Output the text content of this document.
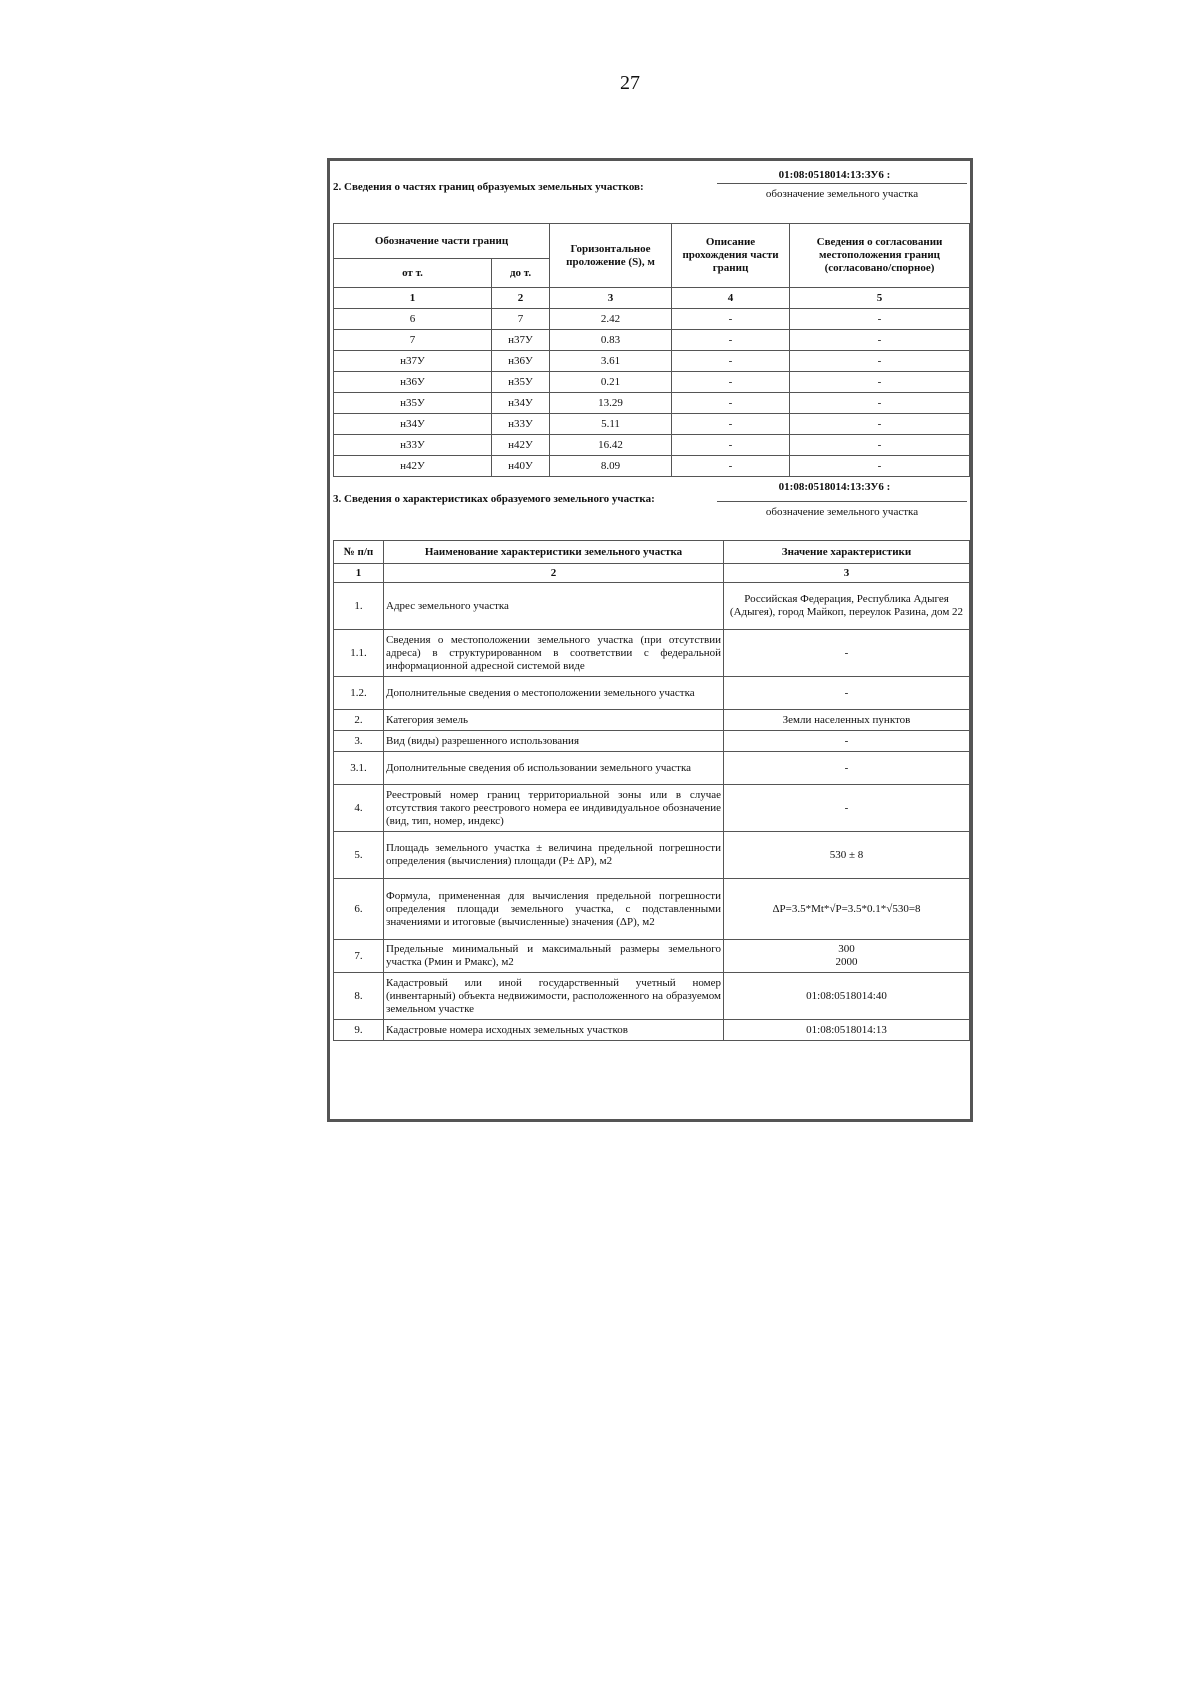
27
2. Сведения о частях границ образуемых земельных участков:
01:08:0518014:13:ЗУ6 :
обозначение земельного участка
Обозначение части границ		Горизонтальное проложение (S), м	Описание прохождения части границ	Сведения о согласовании местоположения границ (согласовано/спорное)
от т.	до т.			
1	2	3	4	5
6	7	2.42	-	-
7	н37У	0.83	-	-
н37У	н36У	3.61	-	-
н36У	н35У	0.21	-	-
н35У	н34У	13.29	-	-
н34У	н33У	5.11	-	-
н33У	н42У	16.42	-	-
н42У	н40У	8.09	-	-
3. Сведения о характеристиках образуемого земельного участка:
01:08:0518014:13:ЗУ6 :
обозначение земельного участка
№ п/п	Наименование характеристики земельного участка	Значение характеристики
1	2	3
1.	Адрес земельного участка	Российская Федерация, Республика Адыгея (Адыгея), город Майкоп, переулок Разина, дом 22
1.1.	Сведения о местоположении земельного участка (при отсутствии адреса) в структурированном в соответствии с федеральной информационной адресной системой виде	-
1.2.	Дополнительные сведения о местоположении земельного участка	-
2.	Категория земель	Земли населенных пунктов
3.	Вид (виды) разрешенного использования	-
3.1.	Дополнительные сведения об использовании земельного участка	-
4.	Реестровый номер границ территориальной зоны или в случае отсутствия такого реестрового номера ее индивидуальное обозначение (вид, тип, номер, индекс)	-
5.	Площадь земельного участка ± величина предельной погрешности определения (вычисления) площади (P± ΔP), м2	530 ± 8
6.	Формула, примененная для вычисления предельной погрешности определения площади земельного участка, с подставленными значениями и итоговые (вычисленные) значения (ΔP), м2	ΔP=3.5*Mt*√P=3.5*0.1*√530=8
7.	Предельные минимальный и максимальный размеры земельного участка (Pмин и Pмакс), м2	300
2000
8.	Кадастровый или иной государственный учетный номер (инвентарный) объекта недвижимости, расположенного на образуемом земельном участке	01:08:0518014:40
9.	Кадастровые номера исходных земельных участков	01:08:0518014:13
